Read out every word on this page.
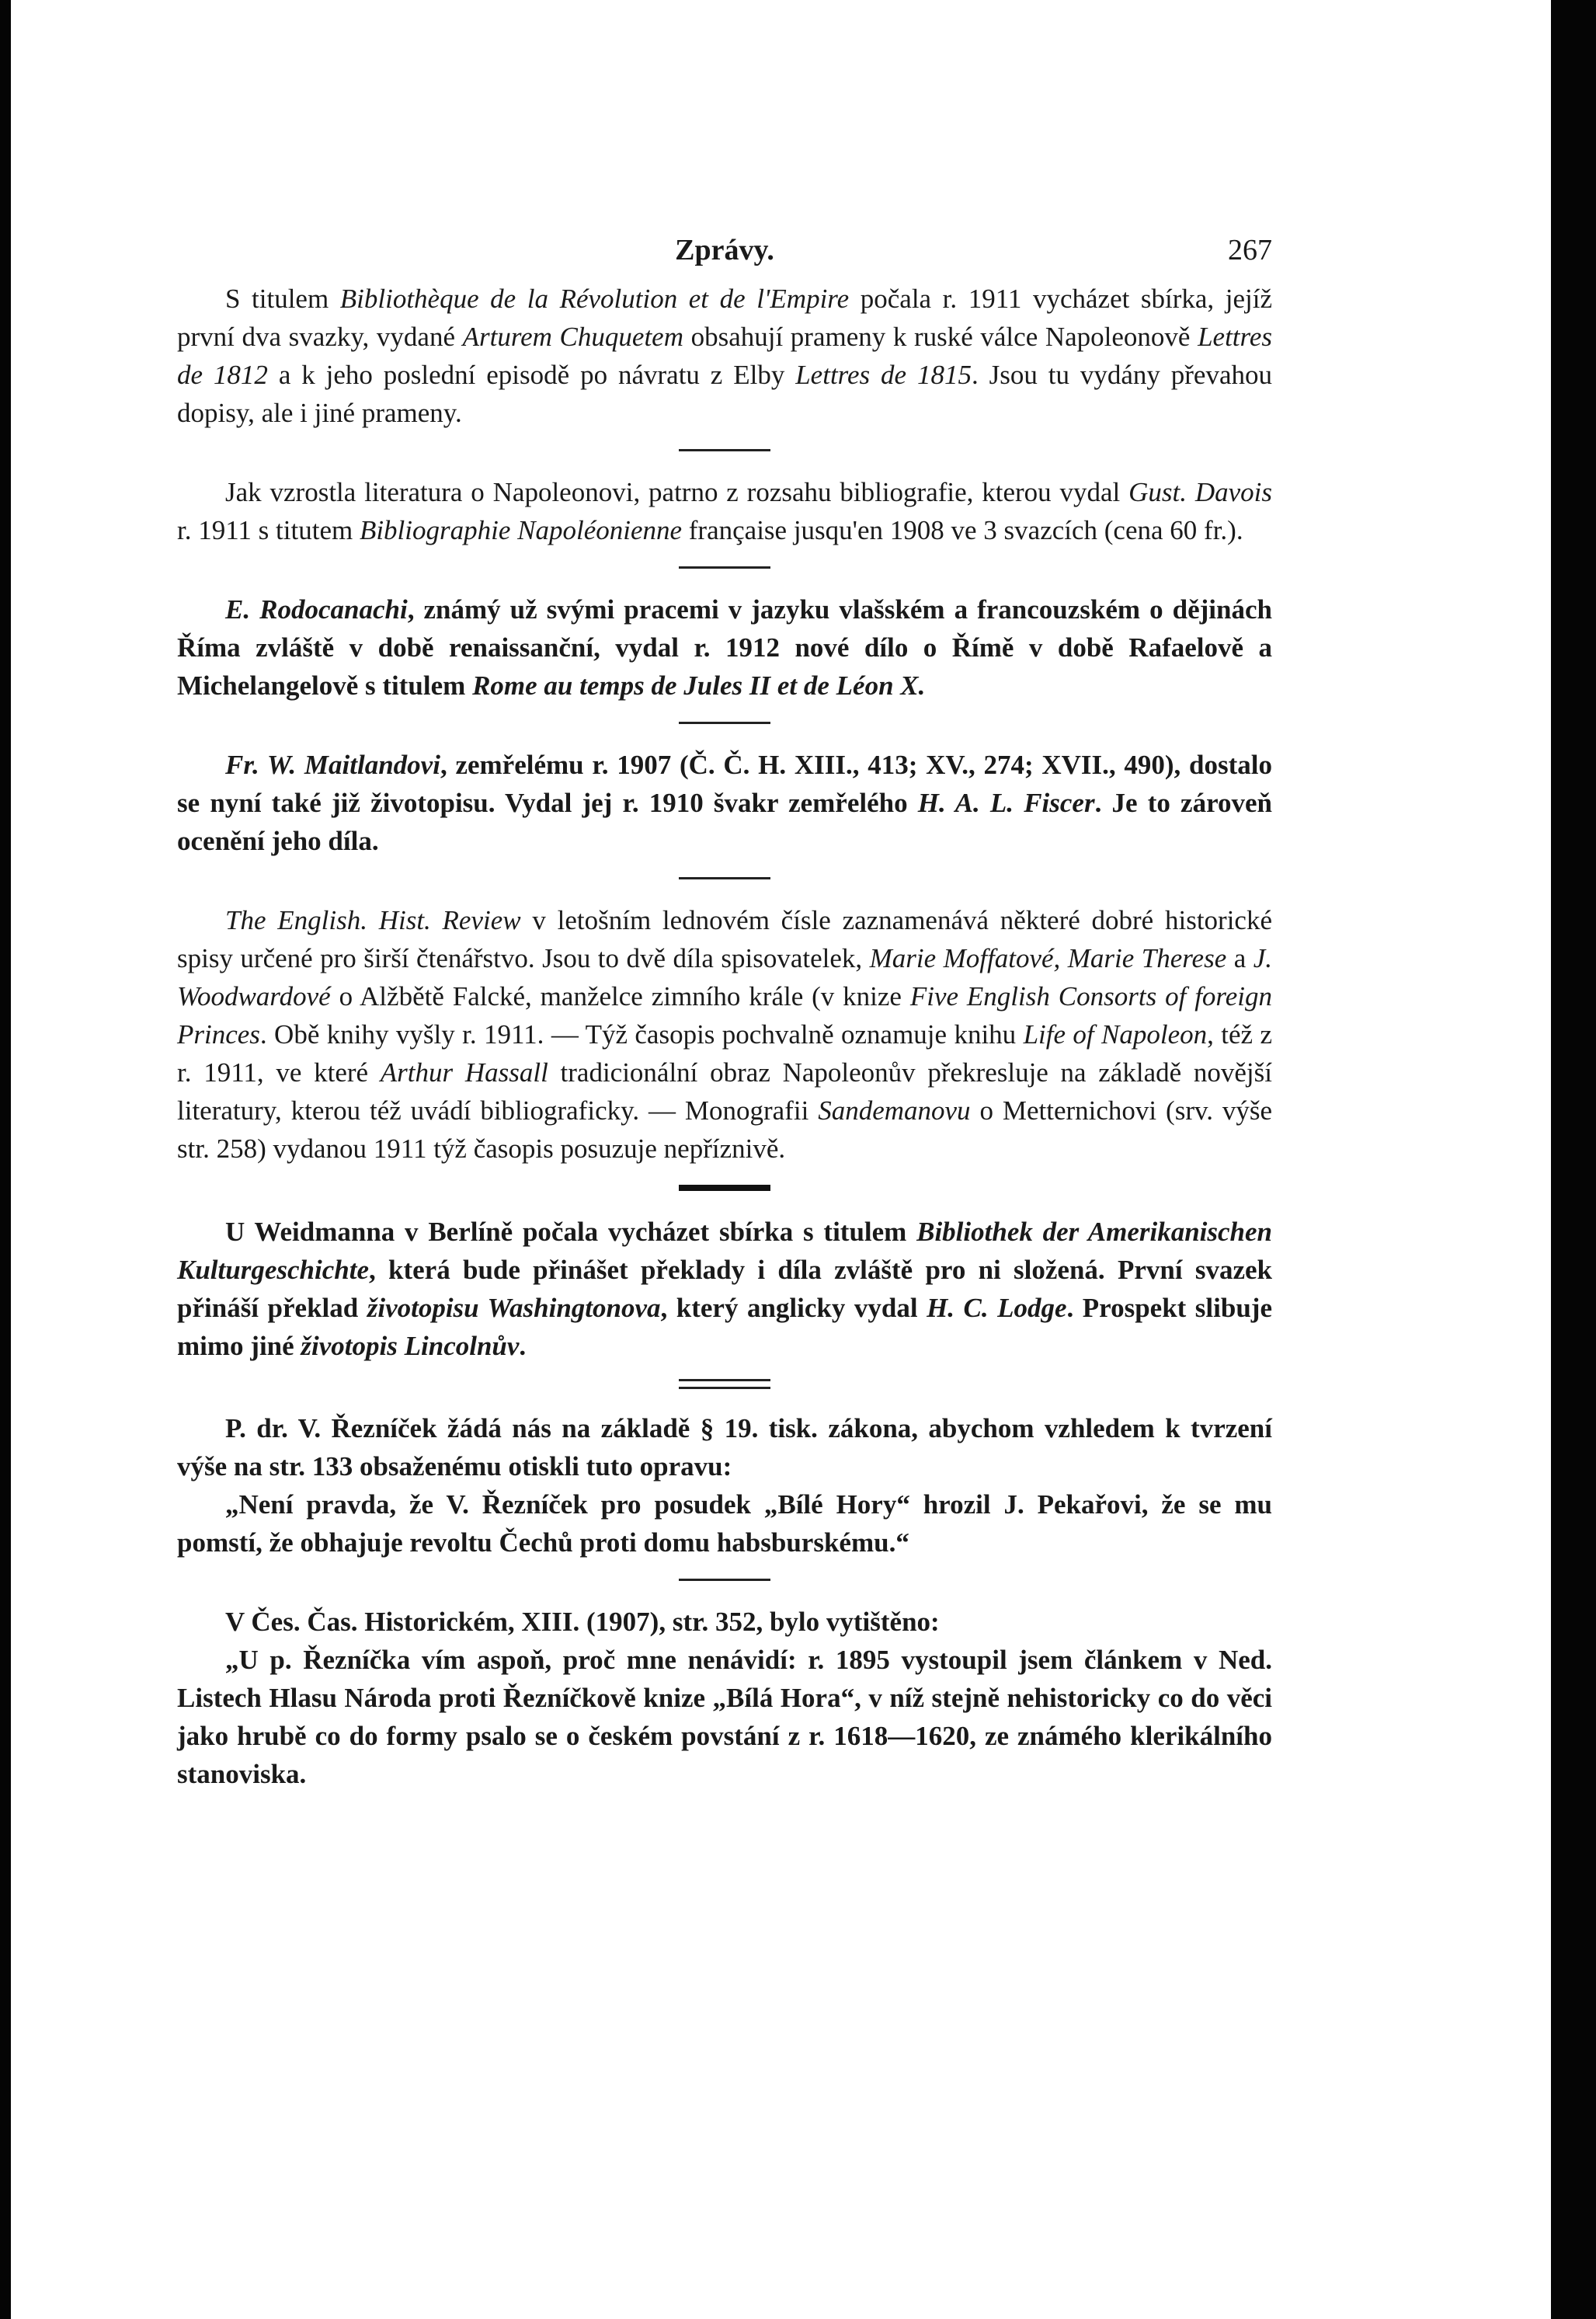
Zprávy.	267

S titulem Bibliothèque de la Révolution et de l'Empire počala r. 1911 vycházet sbírka, jejíž první dva svazky, vydané Arturem Chuquetem obsahují prameny k ruské válce Napoleonově Lettres de 1812 a k jeho poslední episodě po návratu z Elby Lettres de 1815. Jsou tu vydány převahou dopisy, ale i jiné prameny.

Jak vzrostla literatura o Napoleonovi, patrno z rozsahu bibliografie, kterou vydal Gust. Davois r. 1911 s titutem Bibliographie Napoléonienne française jusqu'en 1908 ve 3 svazcích (cena 60 fr.).

E. Rodocanachi, známý už svými pracemi v jazyku vlašském a francouzském o dějinách Říma zvláště v době renaissanční, vydal r. 1912 nové dílo o Římě v době Rafaelově a Michelangelově s titulem Rome au temps de Jules II et de Léon X.

Fr. W. Maitlandovi, zemřelému r. 1907 (Č. Č. H. XIII., 413; XV., 274; XVII., 490), dostalo se nyní také již životopisu. Vydal jej r. 1910 švakr zemřelého H. A. L. Fiscer. Je to zároveň ocenění jeho díla.

The English. Hist. Review v letošním lednovém čísle zaznamenává některé dobré historické spisy určené pro širší čtenářstvo. Jsou to dvě díla spisovatelek, Marie Moffatové, Marie Therese a J. Woodwardové o Alžbětě Falcké, manželce zimního krále (v knize Five English Consorts of foreign Princes. Obě knihy vyšly r. 1911. — Týž časopis pochvalně oznamuje knihu Life of Napoleon, též z r. 1911, ve které Arthur Hassall tradicionální obraz Napoleonův překresluje na základě novější literatury, kterou též uvádí bibliograficky. — Monografii Sandemanovu o Metternichovi (srv. výše str. 258) vydanou 1911 týž časopis posuzuje nepříznivě.

U Weidmanna v Berlíně počala vycházet sbírka s titulem Bibliothek der Amerikanischen Kulturgeschichte, která bude přinášet překlady i díla zvláště pro ni složená. První svazek přináší překlad životopisu Washingtonova, který anglicky vydal H. C. Lodge. Prospekt slibuje mimo jiné životopis Lincolnův.

P. dr. V. Řezníček žádá nás na základě § 19. tisk. zákona, abychom vzhledem k tvrzení výše na str. 133 obsaženému otiskli tuto opravu:

„Není pravda, že V. Řezníček pro posudek „Bílé Hory“ hrozil J. Pekařovi, že se mu pomstí, že obhajuje revoltu Čechů proti domu habsburskému.“

V Čes. Čas. Historickém, XIII. (1907), str. 352, bylo vytištěno:

„U p. Řezníčka vím aspoň, proč mne nenávidí: r. 1895 vystoupil jsem článkem v Ned. Listech Hlasu Národa proti Řezníčkově knize „Bílá Hora“, v níž stejně nehistoricky co do věci jako hrubě co do formy psalo se o českém povstání z r. 1618—1620, ze známého klerikálního stanoviska.
